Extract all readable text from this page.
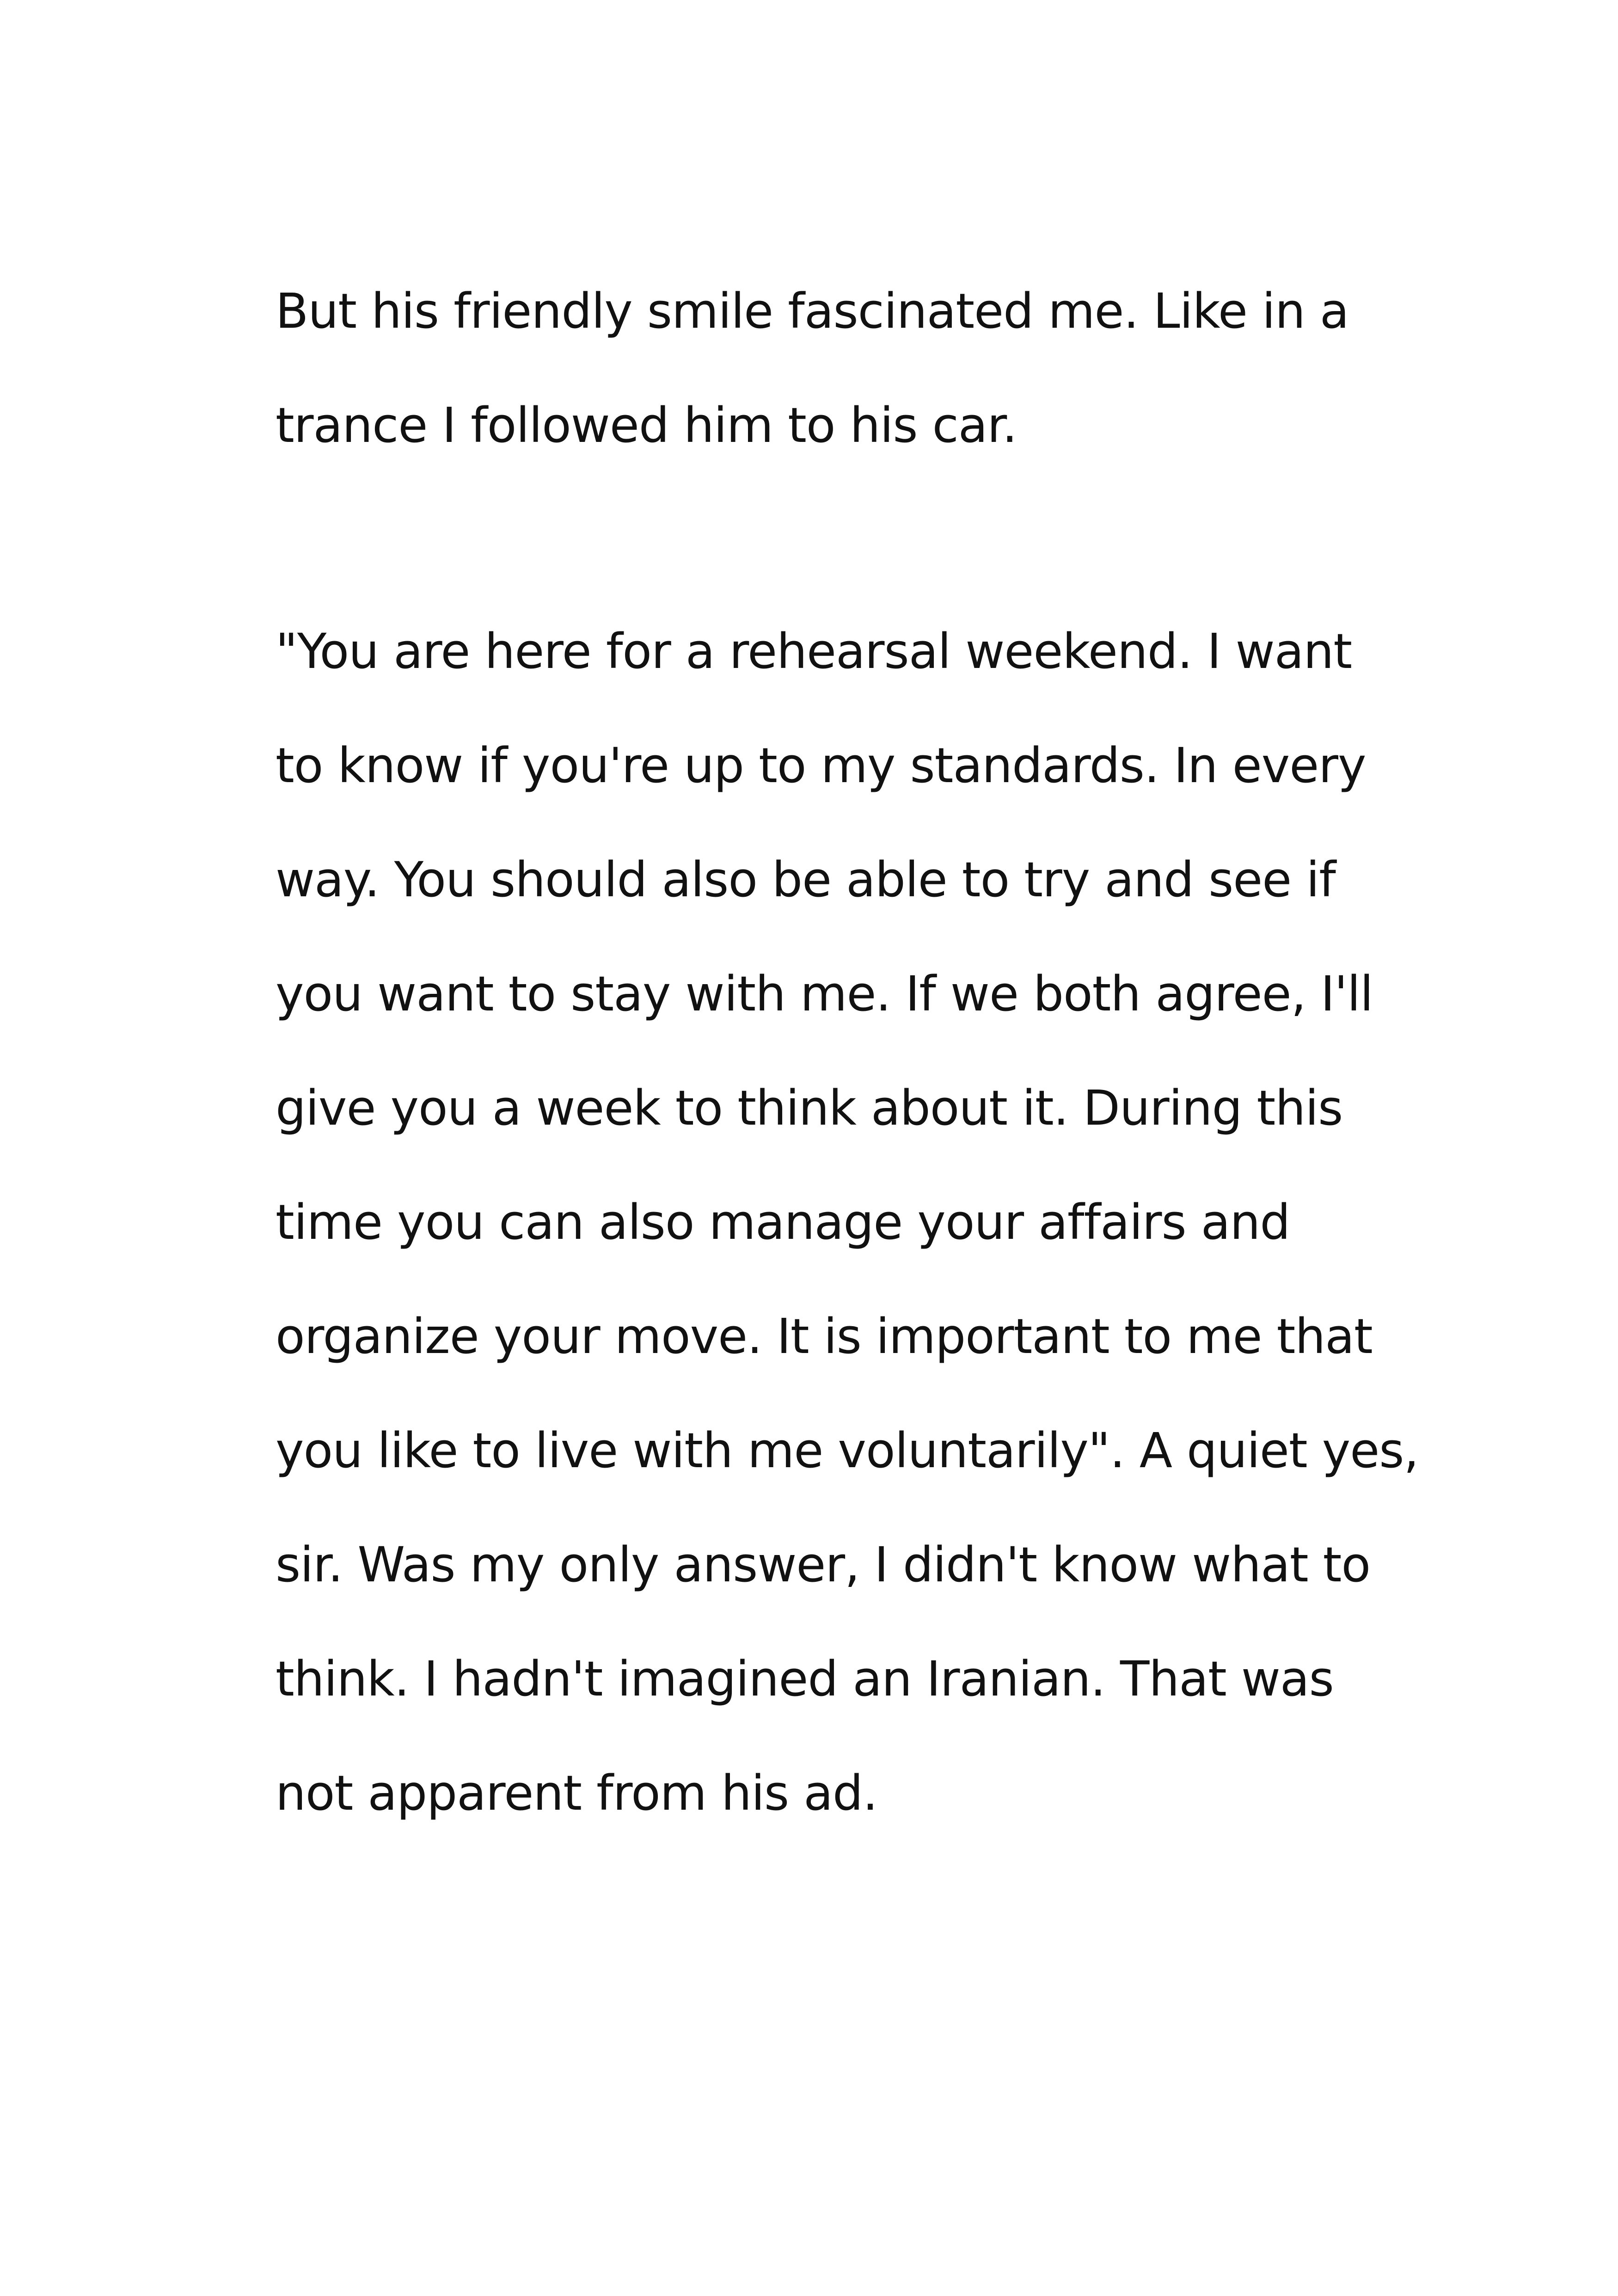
But his friendly smile fascinated me. Like in a
trance I followed him to his car.

"You are here for a rehearsal weekend. I want
to know if you're up to my standards. In every
way. You should also be able to try and see if
you want to stay with me. If we both agree, I'll
give you a week to think about it. During this
time you can also manage your affairs and
organize your move. It is important to me that
you like to live with me voluntarily". A quiet yes,
sir. Was my only answer, I didn't know what to
think. I hadn't imagined an Iranian. That was
not apparent from his ad.
